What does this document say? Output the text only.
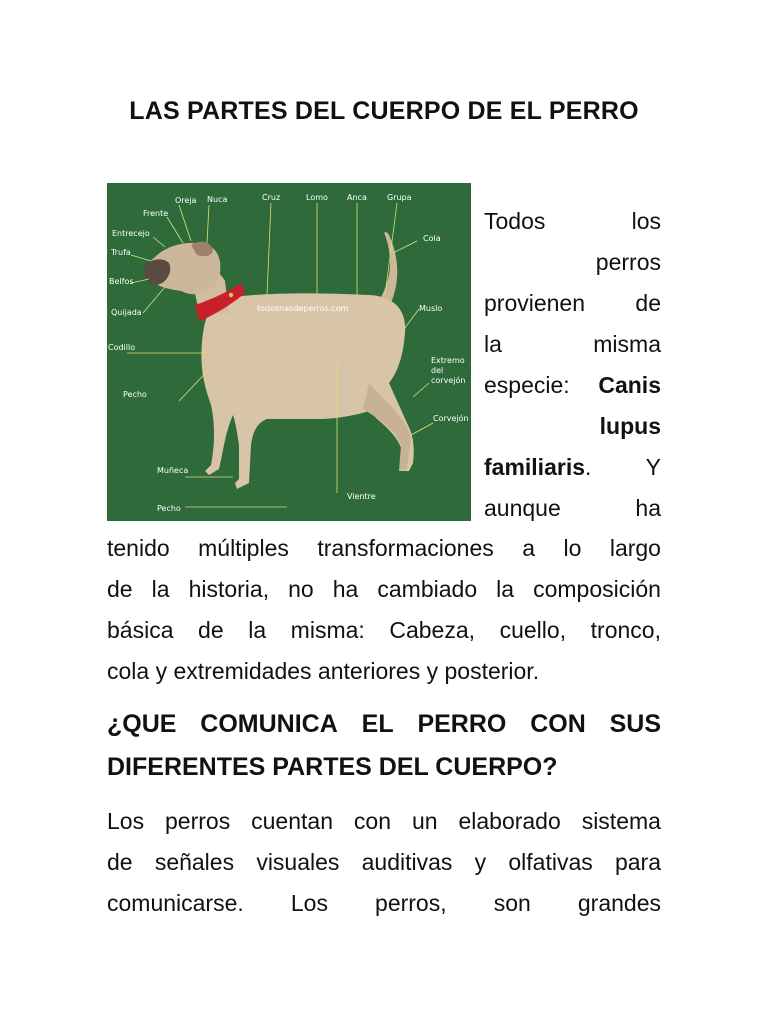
LAS PARTES DEL CUERPO DE EL PERRO
Oreja Nuca	Cruz	Lomo Anca	Grupa
Frente
Entrecejo
Trufa
Cola
Belfos
Quijada	Muslo
Codillo
Extremo
del
corvejón
Pecho
Corvejón
Muñeca
Vientre
Pecho
todosnasdeperros.com
Todos	los
perros
provienen de
la	misma
especie: Canis
lupus
familiaris. Y
aunque	ha
tenido múltiples transformaciones a lo largo
de la historia, no ha cambiado la composición
básica de la misma: Cabeza, cuello, tronco,
cola y extremidades anteriores y posterior.
¿QUE COMUNICA EL PERRO CON SUS
DIFERENTES PARTES DEL CUERPO?
Los perros cuentan con un elaborado sistema
de señales visuales auditivas y olfativas para
comunicarse. Los perros, son grandes
